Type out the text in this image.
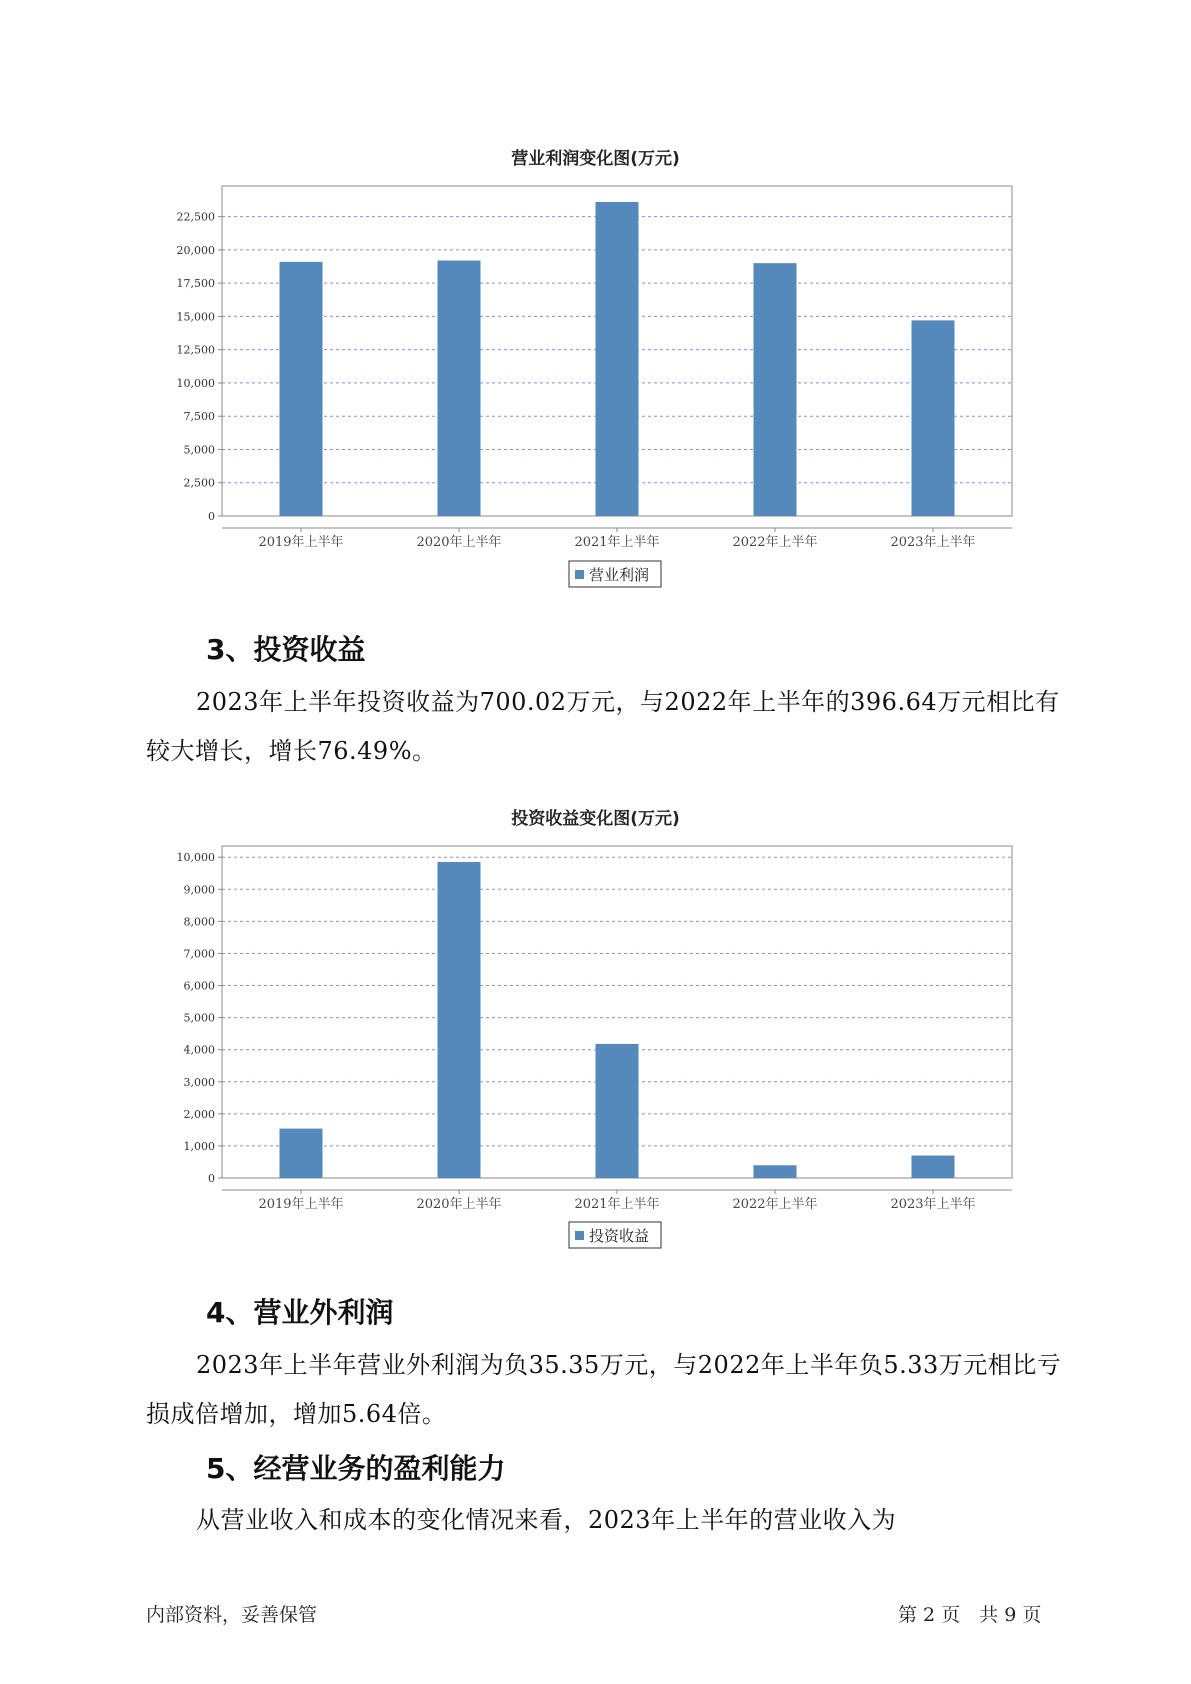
营业利润变化图(万元)
0
2,500
5,000
7,500
10,000
12,500
15,000
17,500
20,000
22,500
2019年上半年	2020年上半年	2021年上半年	2022年上半年	2023年上半年
营业利润
3、投资收益
2023年上半年投资收益为700.02万元，与2022年上半年的396.64万元相比有较大增长，增长76.49%。
投资收益变化图(万元)
0
1,000
2,000
3,000
4,000
5,000
6,000
7,000
8,000
9,000
10,000
2019年上半年	2020年上半年	2021年上半年	2022年上半年	2023年上半年
投资收益
4、营业外利润
2023年上半年营业外利润为负35.35万元，与2022年上半年负5.33万元相比亏损成倍增加，增加5.64倍。
5、经营业务的盈利能力
从营业收入和成本的变化情况来看，2023年上半年的营业收入为
内部资料，妥善保管	第 2 页　共 9 页
